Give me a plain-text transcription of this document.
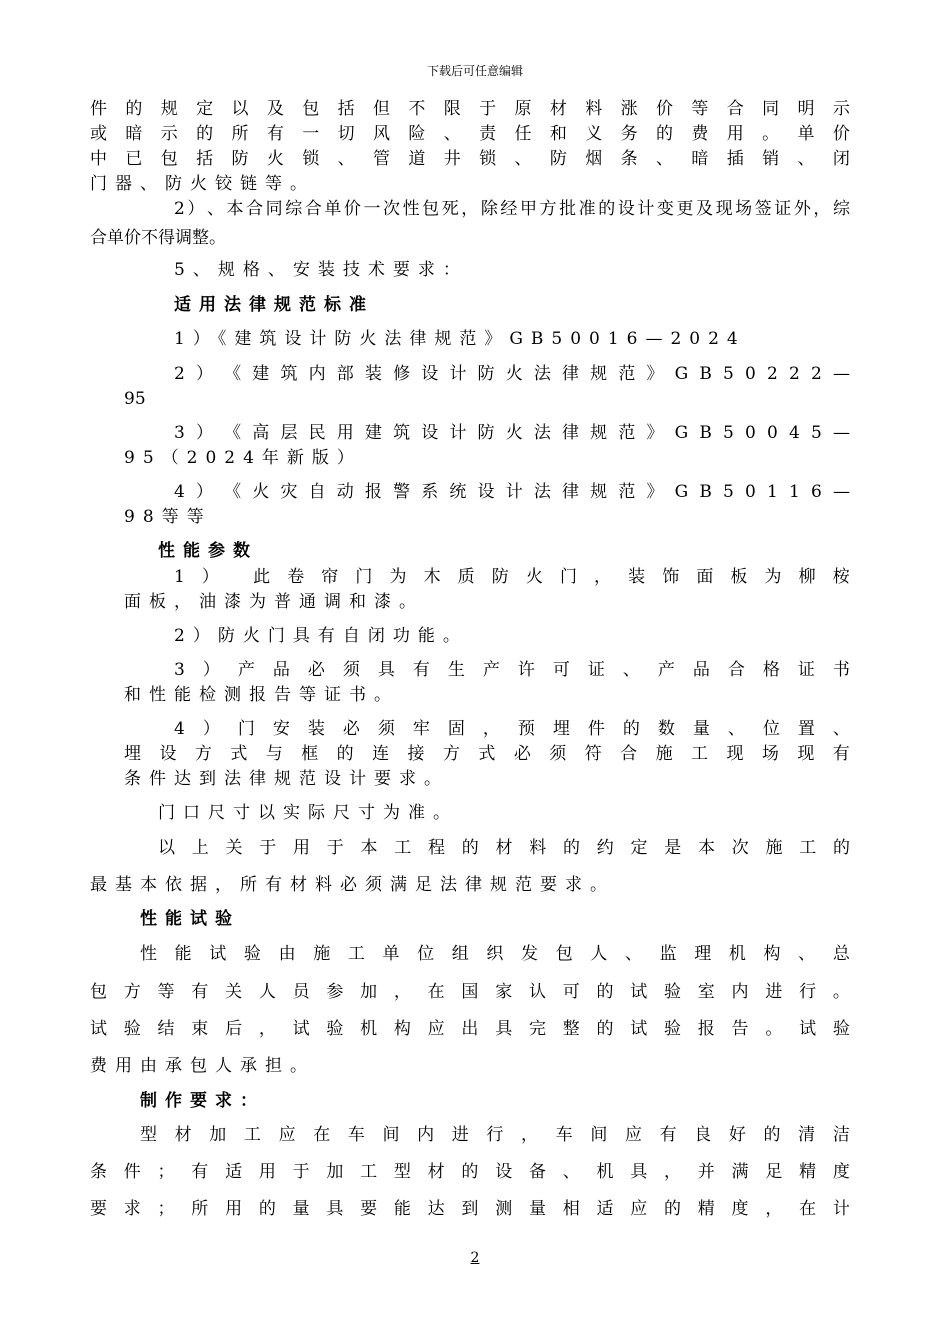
下载后可任意编辑
件 的 规 定 以 及 包 括 但 不 限 于 原 材 料 涨 价 等 合 同 明 示
或 暗 示 的 所 有 一 切 风 险 、 责 任 和 义 务 的 费 用 。 单 价
中 已 包 括 防 火 锁 、 管 道 井 锁 、 防 烟 条 、 暗 插 销 、 闭
门器、防火铰链等。
2 ） 、 本 合 同 综 合 单 价 一 次 性 包 死 ， 除 经 甲 方 批 准 的 设 计 变 更 及 现 场 签 证 外 ， 综
合单价不得调整。
5、规格、安装技术要求：
适用法律规范标准
1）《建筑设计防火法律规范》GB50016—2024
2 ） 《 建 筑 内 部 装 修 设 计 防 火 法 律 规 范 》 G B 5 0 2 2 2 —
95
3 ） 《 高 层 民 用 建 筑 设 计 防 火 法 律 规 范 》 G B 5 0 0 4 5 —
95（2024年新版）
4 ） 《 火 灾 自 动 报 警 系 统 设 计 法 律 规 范 》 G B 5 0 1 1 6 —
98等等
性能参数
1 ） 此 卷 帘 门 为 木 质 防 火 门 ， 装 饰 面 板 为 柳 桉
面板，油漆为普通调和漆。
2）防火门具有自闭功能。
3 ） 产 品 必 须 具 有 生 产 许 可 证 、 产 品 合 格 证 书
和性能检测报告等证书。
4 ） 门 安 装 必 须 牢 固 ， 预 埋 件 的 数 量 、 位 置 、
埋 设 方 式 与 框 的 连 接 方 式 必 须 符 合 施 工 现 场 现 有
条件达到法律规范设计要求。
门口尺寸以实际尺寸为准。
以 上 关 于 用 于 本 工 程 的 材 料 的 约 定 是 本 次 施 工 的
最基本依据，所有材料必须满足法律规范要求。
性能试验
性 能 试 验 由 施 工 单 位 组 织 发 包 人 、 监 理 机 构 、 总
包 方 等 有 关 人 员 参 加 ， 在 国 家 认 可 的 试 验 室 内 进 行 。
试 验 结 束 后 ， 试 验 机 构 应 出 具 完 整 的 试 验 报 告 。 试 验
费用由承包人承担。
制作要求：
型 材 加 工 应 在 车 间 内 进 行 ， 车 间 应 有 良 好 的 清 洁
条 件 ； 有 适 用 于 加 工 型 材 的 设 备 、 机 具 ， 并 满 足 精 度
要 求 ； 所 用 的 量 具 要 能 达 到 测 量 相 适 应 的 精 度 ， 在 计
2
